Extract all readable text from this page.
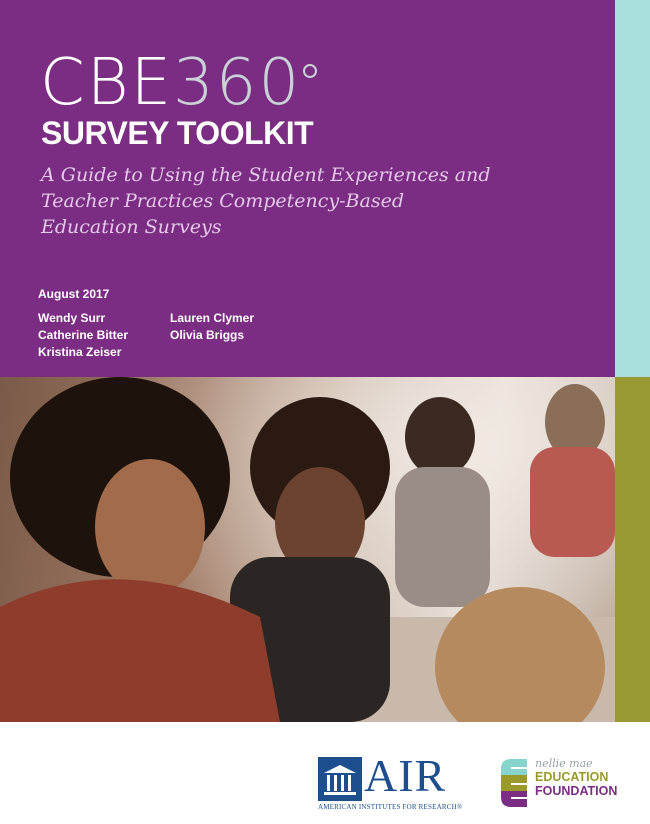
CBE360
SURVEY TOOLKIT
A Guide to Using the Student Experiences and Teacher Practices Competency-Based Education Surveys
August 2017
Wendy Surr	Lauren Clymer
Catherine Bitter	Olivia Briggs
Kristina Zeiser
AIR
AMERICAN INSTITUTES FOR RESEARCH®
nellie mae
EDUCATION
FOUNDATION
